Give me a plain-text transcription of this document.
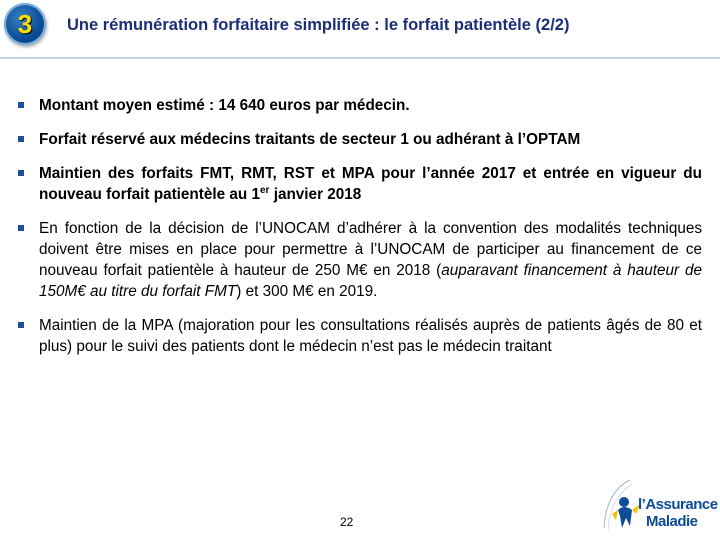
3	Une rémunération forfaitaire simplifiée : le forfait patientèle (2/2)
Montant moyen estimé : 14 640 euros par médecin.
Forfait réservé aux médecins traitants de secteur 1 ou adhérant à l’OPTAM
Maintien des forfaits FMT, RMT, RST et MPA pour l’année 2017 et entrée en vigueur du nouveau forfait patientèle au 1er janvier 2018
En fonction de la décision de l’UNOCAM d’adhérer à la convention des modalités techniques doivent être mises en place pour permettre à l’UNOCAM de participer au financement de ce nouveau forfait patientèle à hauteur de 250 M€ en 2018 (auparavant financement à hauteur de 150M€ au titre du forfait FMT) et 300 M€ en 2019.
Maintien de la MPA (majoration pour les consultations réalisés auprès de patients âgés de 80 et plus) pour le suivi des patients dont le médecin n’est pas le médecin traitant
22
l’Assurance
Maladie
